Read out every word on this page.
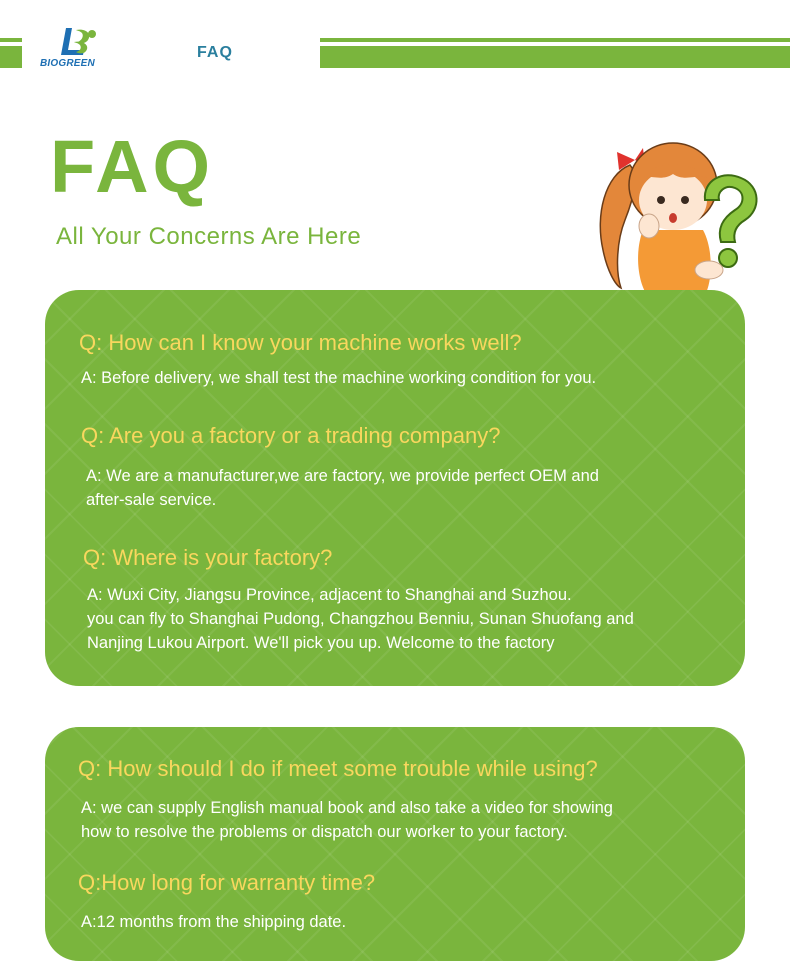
BIOGREEN
FAQ
FAQ
All Your Concerns Are Here
Q: How can I know your machine works well?
A: Before delivery, we shall test the machine working condition for you.
Q: Are you a factory or a trading company?
A: We are a manufacturer,we are factory, we provide perfect OEM and
after-sale service.
Q: Where is your factory?
A: Wuxi City, Jiangsu Province, adjacent to Shanghai and Suzhou.
you can fly to Shanghai Pudong, Changzhou Benniu, Sunan Shuofang and
Nanjing Lukou Airport. We'll pick you up. Welcome to the factory
Q: How should I do if meet some trouble while using?
A: we can supply English manual book and also take a video for showing
how to resolve the problems or dispatch our worker to your factory.
Q:How long for warranty time?
A:12 months from the shipping date.
